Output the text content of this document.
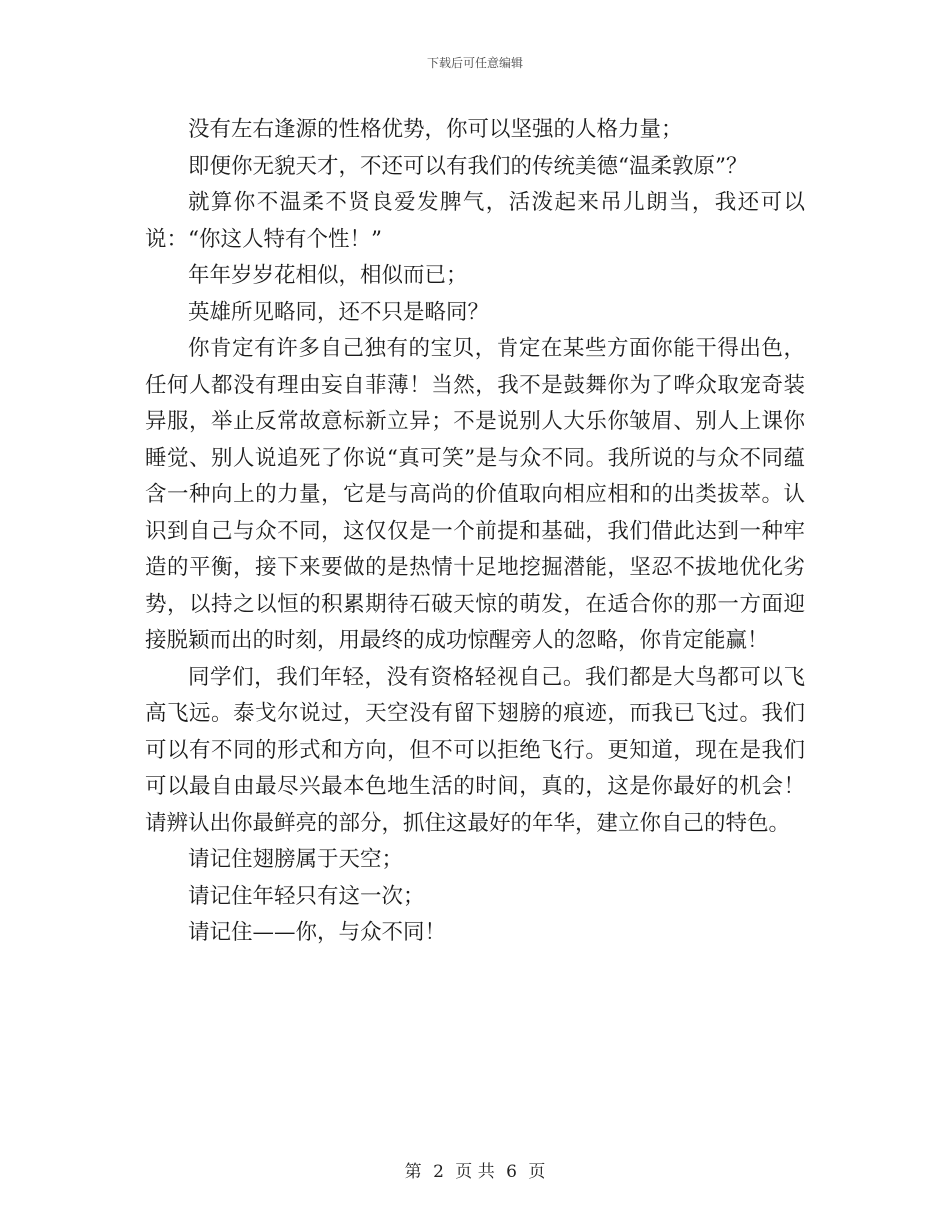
下载后可任意编辑

没有左右逢源的性格优势，你可以坚强的人格力量；

即便你无貌天才，不还可以有我们的传统美德“温柔敦原”？

就算你不温柔不贤良爱发脾气，活泼起来吊儿朗当，我还可以说：“你这人特有个性！”

年年岁岁花相似，相似而已；

英雄所见略同，还不只是略同？

你肯定有许多自己独有的宝贝，肯定在某些方面你能干得出色，任何人都没有理由妄自菲薄！当然，我不是鼓舞你为了哗众取宠奇装异服，举止反常故意标新立异；不是说别人大乐你皱眉、别人上课你睡觉、别人说追死了你说“真可笑”是与众不同。我所说的与众不同蕴含一种向上的力量，它是与高尚的价值取向相应相和的出类拔萃。认识到自己与众不同，这仅仅是一个前提和基础，我们借此达到一种牢造的平衡，接下来要做的是热情十足地挖掘潜能，坚忍不拔地优化劣势，以持之以恒的积累期待石破天惊的萌发，在适合你的那一方面迎接脱颖而出的时刻，用最终的成功惊醒旁人的忽略，你肯定能赢！

同学们，我们年轻，没有资格轻视自己。我们都是大鸟都可以飞高飞远。泰戈尔说过，天空没有留下翅膀的痕迹，而我已飞过。我们可以有不同的形式和方向，但不可以拒绝飞行。更知道，现在是我们可以最自由最尽兴最本色地生活的时间，真的，这是你最好的机会！请辨认出你最鲜亮的部分，抓住这最好的年华，建立你自己的特色。

请记住翅膀属于天空；

请记住年轻只有这一次；

请记住——你，与众不同！

第 2 页 共 6 页
